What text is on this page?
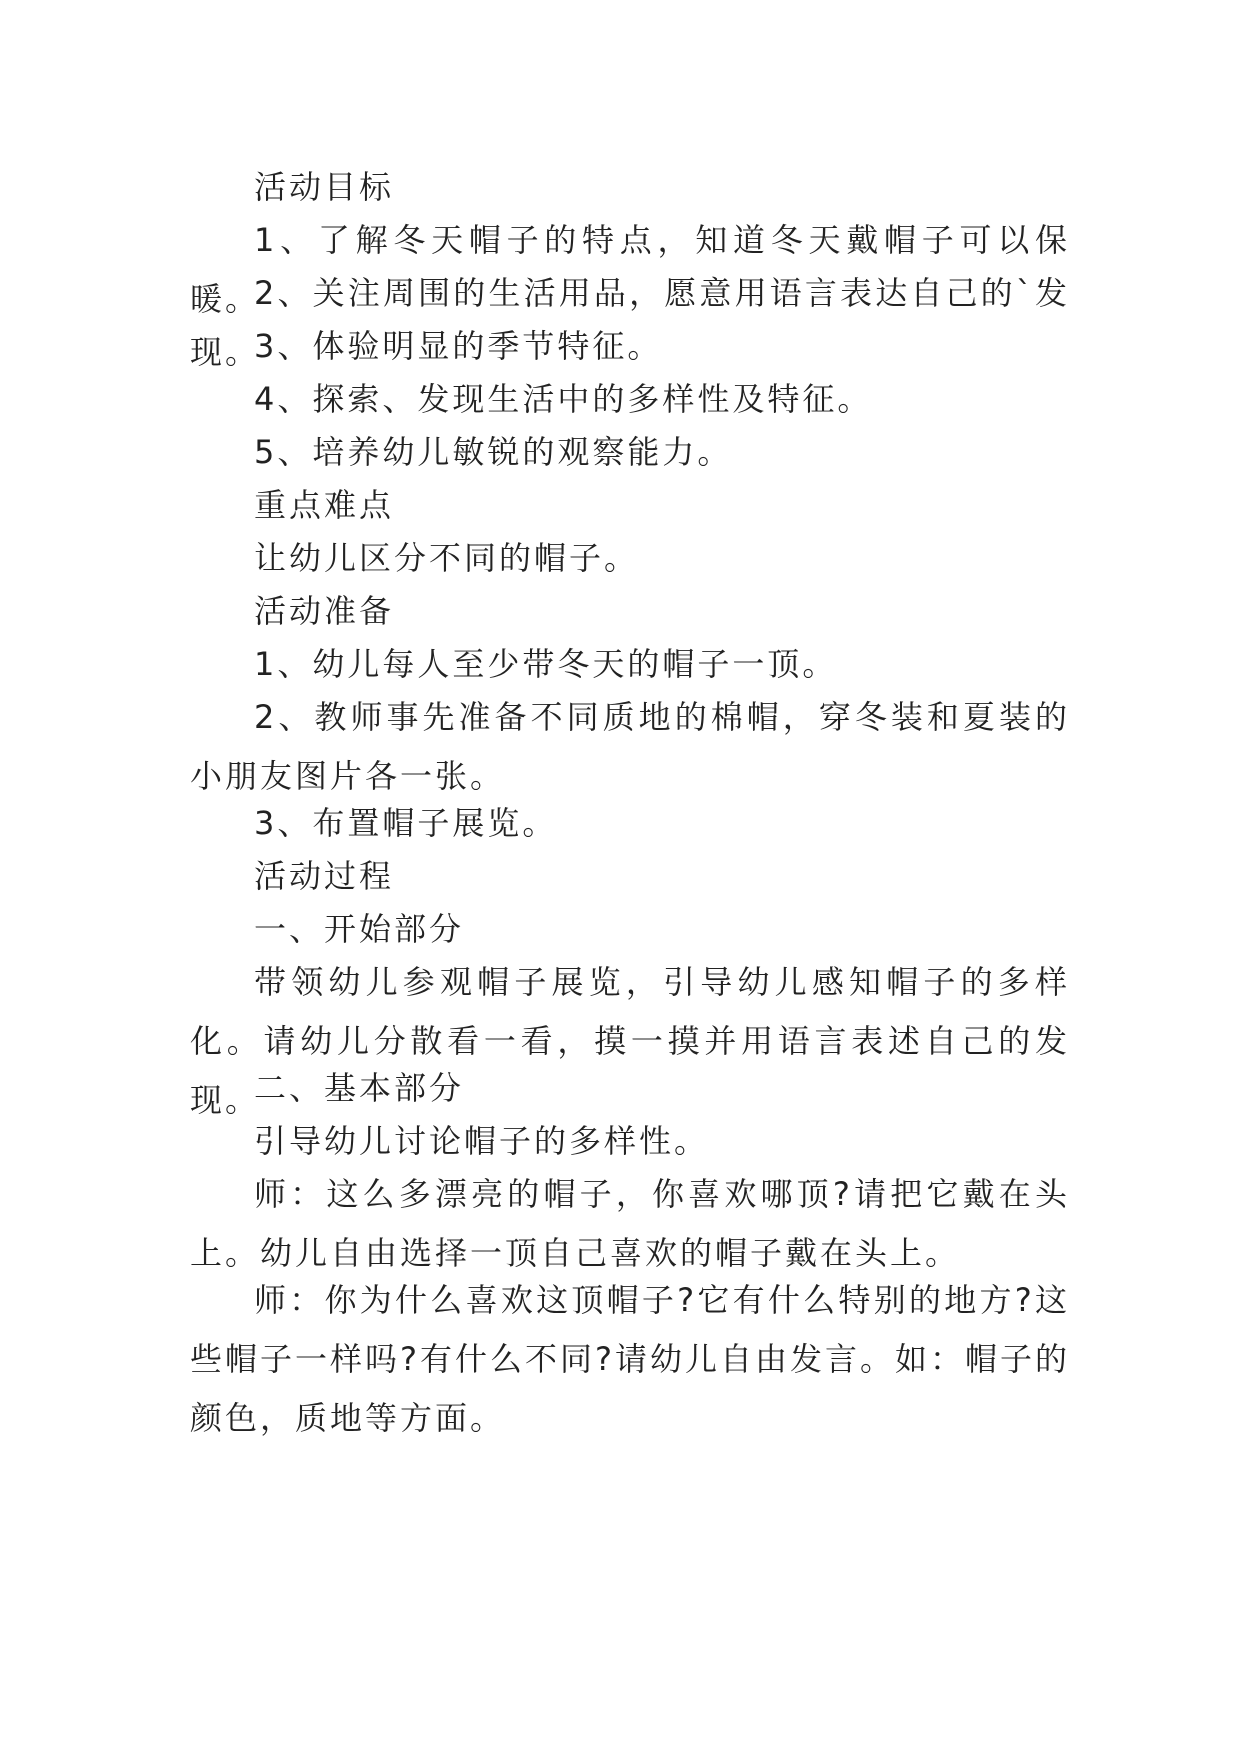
活动目标

1、了解冬天帽子的特点，知道冬天戴帽子可以保暖。

2、关注周围的生活用品，愿意用语言表达自己的`发现。

3、体验明显的季节特征。

4、探索、发现生活中的多样性及特征。

5、培养幼儿敏锐的观察能力。

重点难点

让幼儿区分不同的帽子。

活动准备

1、幼儿每人至少带冬天的帽子一顶。

2、教师事先准备不同质地的棉帽，穿冬装和夏装的小朋友图片各一张。

3、布置帽子展览。

活动过程

一、开始部分

带领幼儿参观帽子展览，引导幼儿感知帽子的多样化。请幼儿分散看一看，摸一摸并用语言表述自己的发现。

二、基本部分

引导幼儿讨论帽子的多样性。

师：这么多漂亮的帽子，你喜欢哪顶?请把它戴在头上。幼儿自由选择一顶自己喜欢的帽子戴在头上。

师：你为什么喜欢这顶帽子?它有什么特别的地方?这些帽子一样吗?有什么不同?请幼儿自由发言。如：帽子的颜色，质地等方面。
